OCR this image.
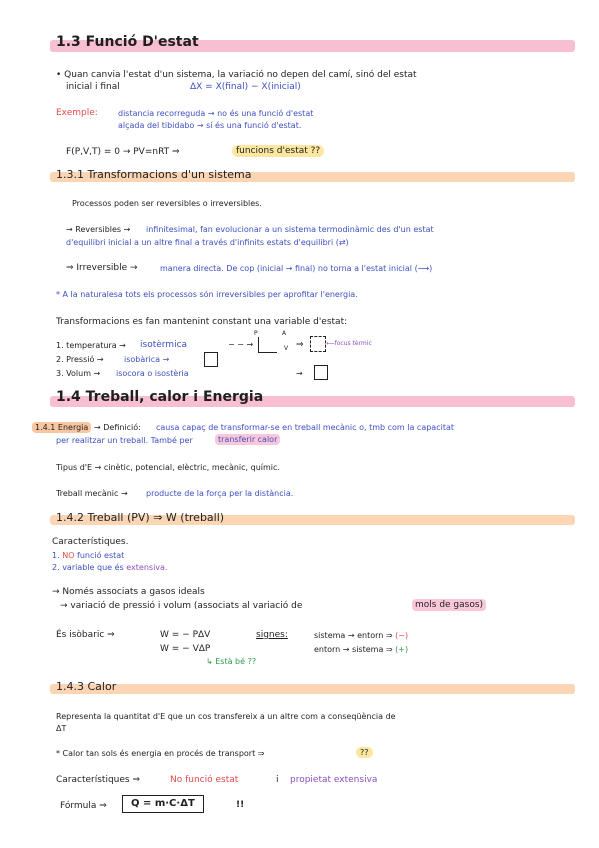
1.3 Funció D'estat
• Quan canvia l'estat d'un sistema, la variació no depen del camí, sinó del estat
inicial i final	ΔX = X(final) − X(inicial)
Exemple:	distancia recorreguda → no és una funció d'estat
alçada del tibidabo → sí és una funció d'estat.
F(P,V,T) = 0 → PV=nRT ⇒	funcions d'estat ??
1.3.1 Transformacions d'un sistema
Processos poden ser reversibles o irreversibles.
→ Reversibles → infinitesimal, fan evolucionar a un sistema termodinàmic des d'un estat
d'equilibri inicial a un altre final a través d'infinits estats d'equilibri (⇄)
⇒ Irreversible →	manera directa. De cop (inicial → final) no torna a l'estat inicial (⟶)
* A la naturalesa tots els processos són irreversibles per aprofitar l'energia.
Transformacions es fan mantenint constant una variable d'estat:
1. temperatura → isotèrmica	− − →
P	A
V ⇒	⟵focus tèrmic
2. Pressió →	isobàrica →
3. Volum → isocora o isostèria	→
1.4 Treball, calor i Energia
1.4.1 Energia → Definició: causa capaç de transformar-se en treball mecànic o, tmb com la capacitat
per realitzar un treball. També per	transferir calor
Tipus d'E → cinètic, potencial, elèctric, mecànic, químic.
Treball mecànic → producte de la força per la distància.
1.4.2 Treball (PV) ⇒ W (treball)
Característiques.
1. NO funció estat
2. variable que és extensiva.
→ Només associats a gasos ideals
→ variació de pressió i volum (associats al variació de	mols de gasos)
És isòbaric ⇒	W = − PΔV
W = − VΔP
↳ Està bé ??
signes:	sistema → entorn ⇒ (−)
entorn → sistema ⇒ (+)
1.4.3 Calor
Representa la quantitat d'E que un cos transfereix a un altre com a conseqüència de
ΔT
* Calor tan sols és energia en procés de transport ⇒	??
Característiques ⇒	No funció estat	i propietat extensiva
Fórmula ⇒	Q = m·C·ΔT	!!
